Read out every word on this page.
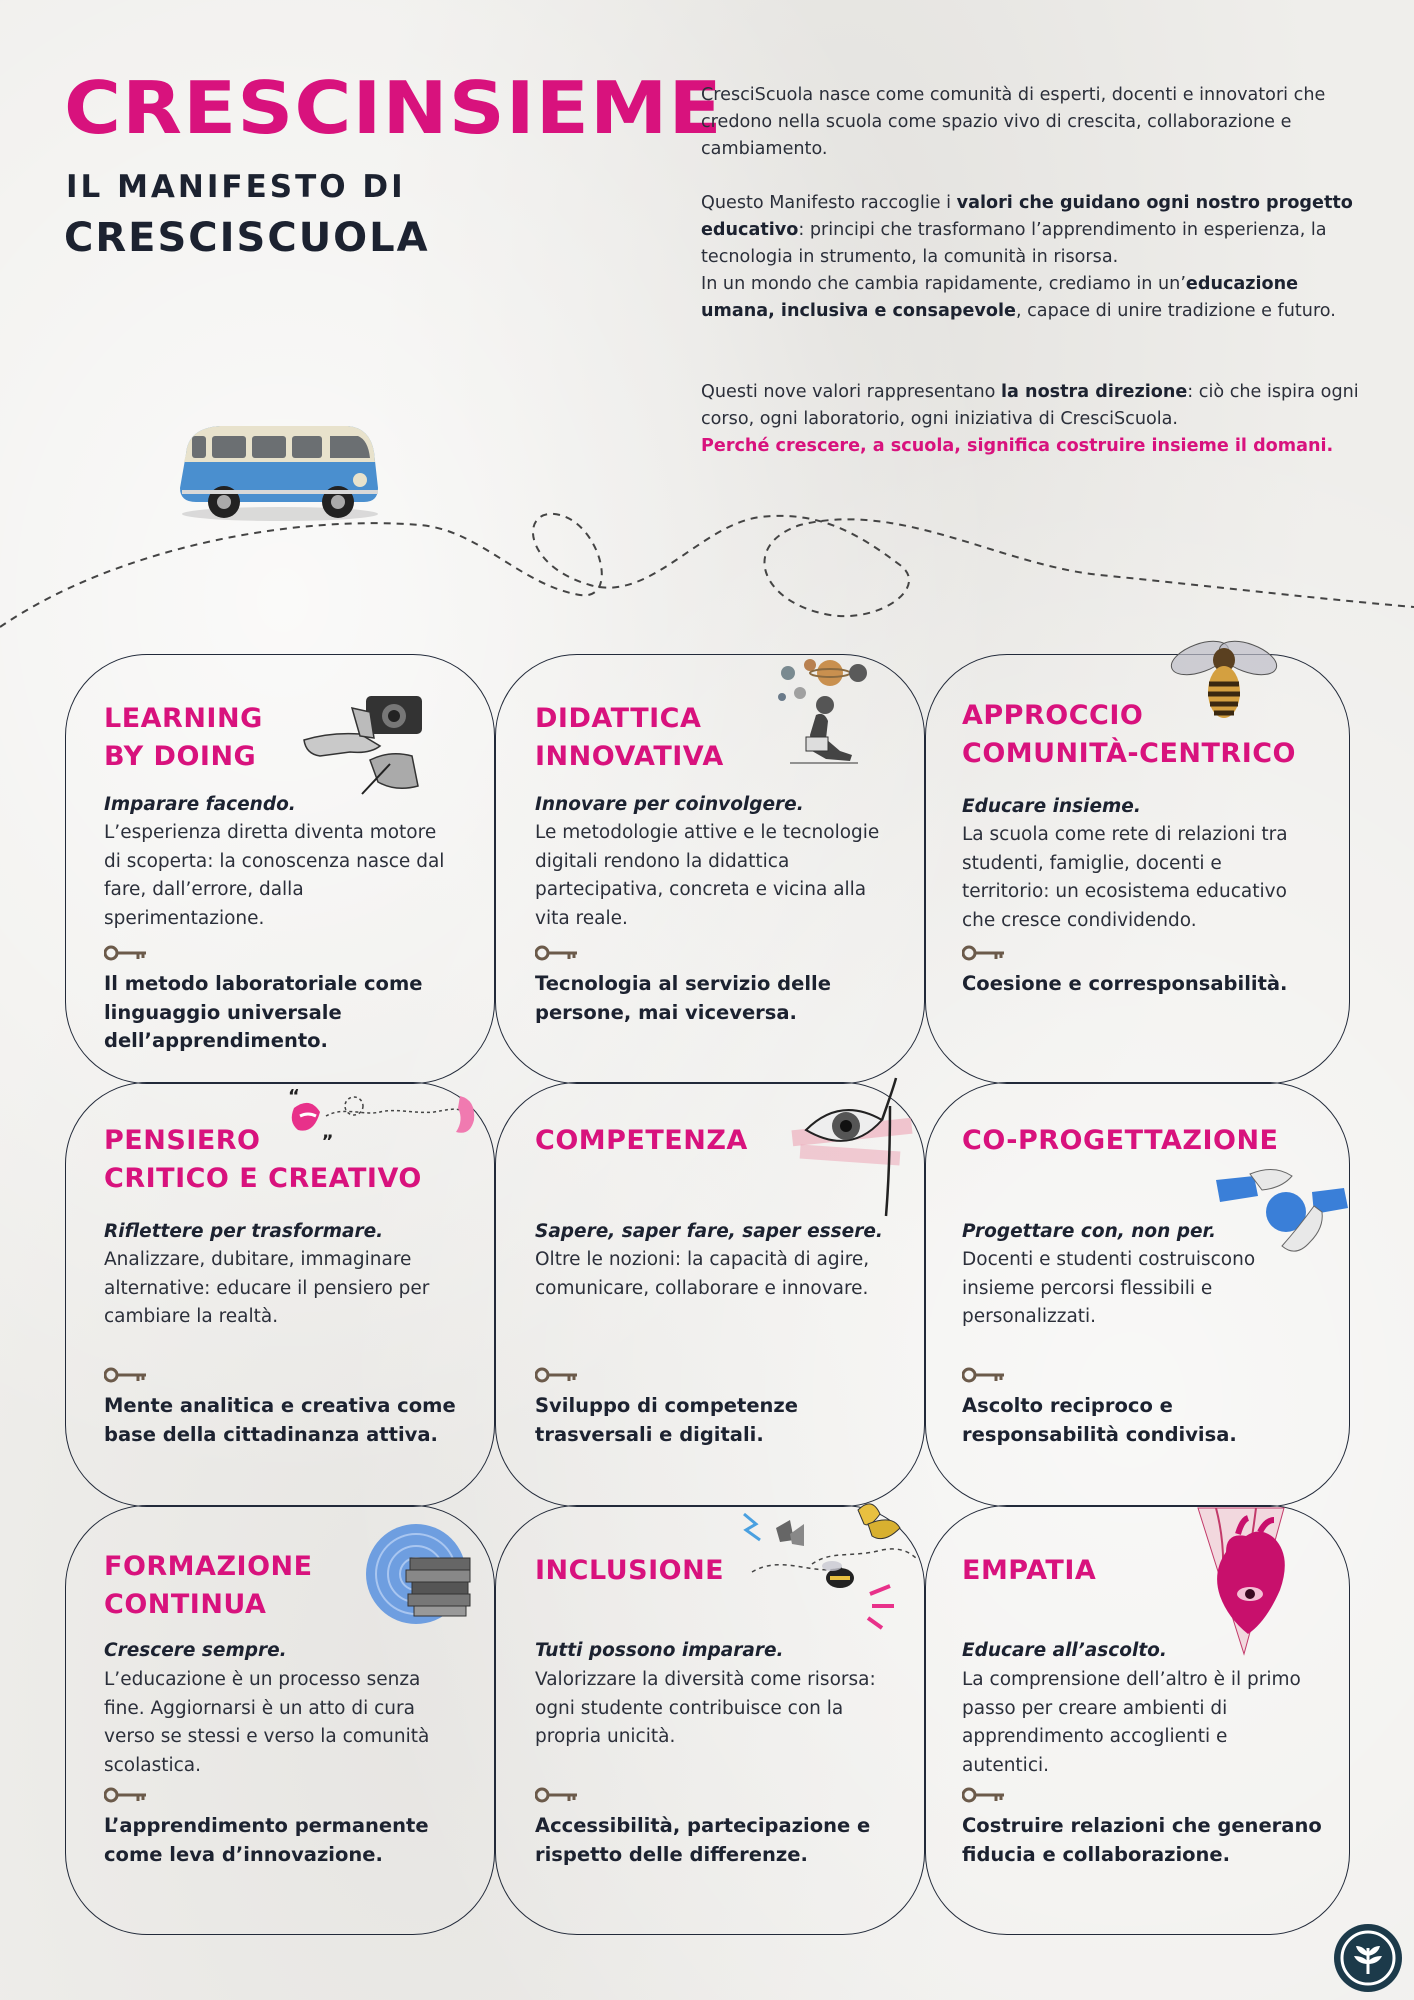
CRESCINSIEME

IL MANIFESTO DI

CRESCISCUOLA

CresciScuola nasce come comunità di esperti, docenti e innovatori che credono nella scuola come spazio vivo di crescita, collaborazione e cambiamento.

Questo Manifesto raccoglie i valori che guidano ogni nostro progetto educativo: principi che trasformano l’apprendimento in esperienza, la tecnologia in strumento, la comunità in risorsa.
In un mondo che cambia rapidamente, crediamo in un’educazione umana, inclusiva e consapevole, capace di unire tradizione e futuro.

Questi nove valori rappresentano la nostra direzione: ciò che ispira ogni corso, ogni laboratorio, ogni iniziativa di CresciScuola.
Perché crescere, a scuola, significa costruire insieme il domani.

LEARNING
BY DOING

Imparare facendo.

L’esperienza diretta diventa motore di scoperta: la conoscenza nasce dal fare, dall’errore, dalla sperimentazione.

Il metodo laboratoriale come linguaggio universale dell’apprendimento.

DIDATTICA
INNOVATIVA

Innovare per coinvolgere.

Le metodologie attive e le tecnologie digitali rendono la didattica partecipativa, concreta e vicina alla vita reale.

Tecnologia al servizio delle persone, mai viceversa.

APPROCCIO
COMUNITÀ-CENTRICO

Educare insieme.

La scuola come rete di relazioni tra studenti, famiglie, docenti e territorio: un ecosistema educativo che cresce condividendo.

Coesione e corresponsabilità.

PENSIERO
CRITICO E CREATIVO
“
„

Riflettere per trasformare.

Analizzare, dubitare, immaginare alternative: educare il pensiero per cambiare la realtà.

Mente analitica e creativa come base della cittadinanza attiva.

COMPETENZA

Sapere, saper fare, saper essere.

Oltre le nozioni: la capacità di agire, comunicare, collaborare e innovare.

Sviluppo di competenze trasversali e digitali.

CO-PROGETTAZIONE

Progettare con, non per.

Docenti e studenti costruiscono insieme percorsi flessibili e personalizzati.

Ascolto reciproco e responsabilità condivisa.

FORMAZIONE
CONTINUA

Crescere sempre.

L’educazione è un processo senza fine. Aggiornarsi è un atto di cura verso se stessi e verso la comunità scolastica.

L’apprendimento permanente come leva d’innovazione.

INCLUSIONE

Tutti possono imparare.

Valorizzare la diversità come risorsa: ogni studente contribuisce con la propria unicità.

Accessibilità, partecipazione e rispetto delle differenze.

EMPATIA

Educare all’ascolto.

La comprensione dell’altro è il primo passo per creare ambienti di apprendimento accoglienti e autentici.

Costruire relazioni che generano fiducia e collaborazione.
